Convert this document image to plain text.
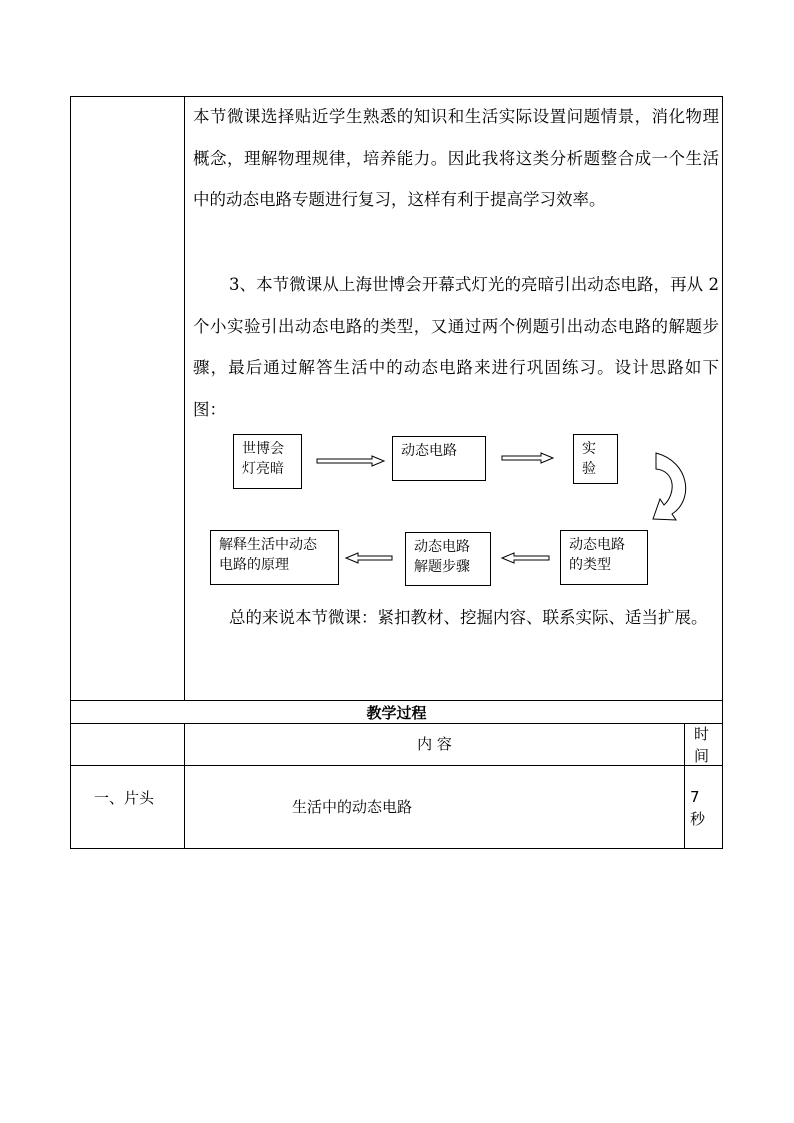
本节微课选择贴近学生熟悉的知识和生活实际设置问题情景，消化物理概念，理解物理规律，培养能力。因此我将这类分析题整合成一个生活中的动态电路专题进行复习，这样有利于提高学习效率。

3、本节微课从上海世博会开幕式灯光的亮暗引出动态电路，再从 2 个小实验引出动态电路的类型，又通过两个例题引出动态电路的解题步骤，最后通过解答生活中的动态电路来进行巩固练习。设计思路如下图：

世博会
灯亮暗
动态电路	实
验
动态电路
的类型
动态电路
解题步骤
解释生活中动态
电路的原理

总的来说本节微课：紧扣教材、挖掘内容、联系实际、适当扩展。

教学过程
内 容
时
间
一、片头	生活中的动态电路
7
秒
